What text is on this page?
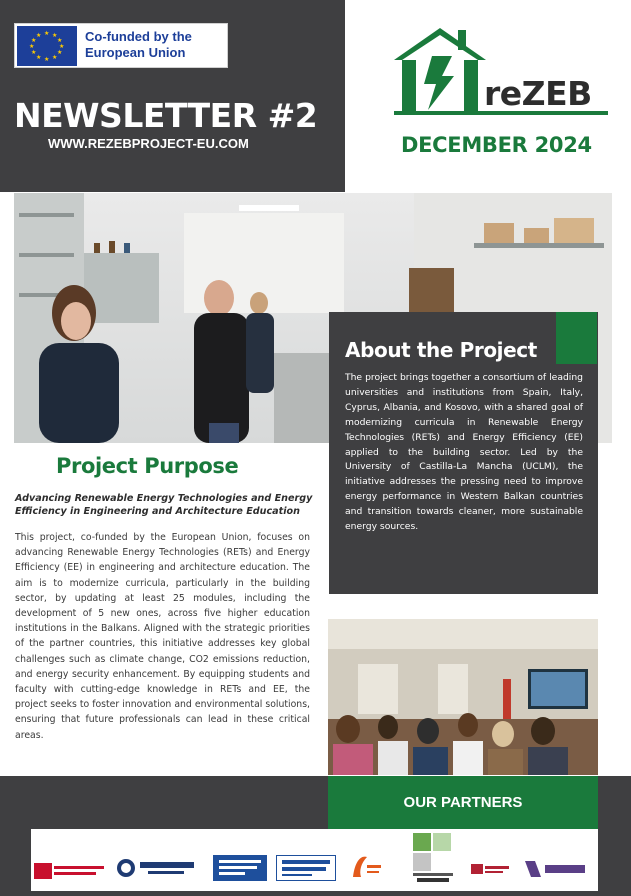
★ ★
★
★
★
★
★
★
★
★
★
★	Co-funded by the European Union
NEWSLETTER #2
WWW.REZEBPROJECT-EU.COM
reZEB
DECEMBER 2024
About the Project
The project brings together a consortium of leading universities and institutions from Spain, Italy, Cyprus, Albania, and Kosovo, with a shared goal of modernizing curricula in Renewable Energy Technologies (RETs) and Energy Efficiency (EE) applied to the building sector. Led by the University of Castilla-La Mancha (UCLM), the initiative addresses the pressing need to improve energy performance in Western Balkan countries and transition towards cleaner, more sustainable energy sources.
Project Purpose
Advancing Renewable Energy Technologies and Energy Efficiency in Engineering and Architecture Education
This project, co-funded by the European Union, focuses on advancing Renewable Energy Technologies (RETs) and Energy Efficiency (EE) in engineering and architecture education. The aim is to modernize curricula, particularly in the building sector, by updating at least 25 modules, including the development of 5 new ones, across five higher education institutions in the Balkans. Aligned with the strategic priorities of the partner countries, this initiative addresses key global challenges such as climate change, CO2 emissions reduction, and energy security enhancement. By equipping students and faculty with cutting-edge knowledge in RETs and EE, the project seeks to foster innovation and environmental solutions, ensuring that future professionals can lead in these critical areas.
OUR PARTNERS
